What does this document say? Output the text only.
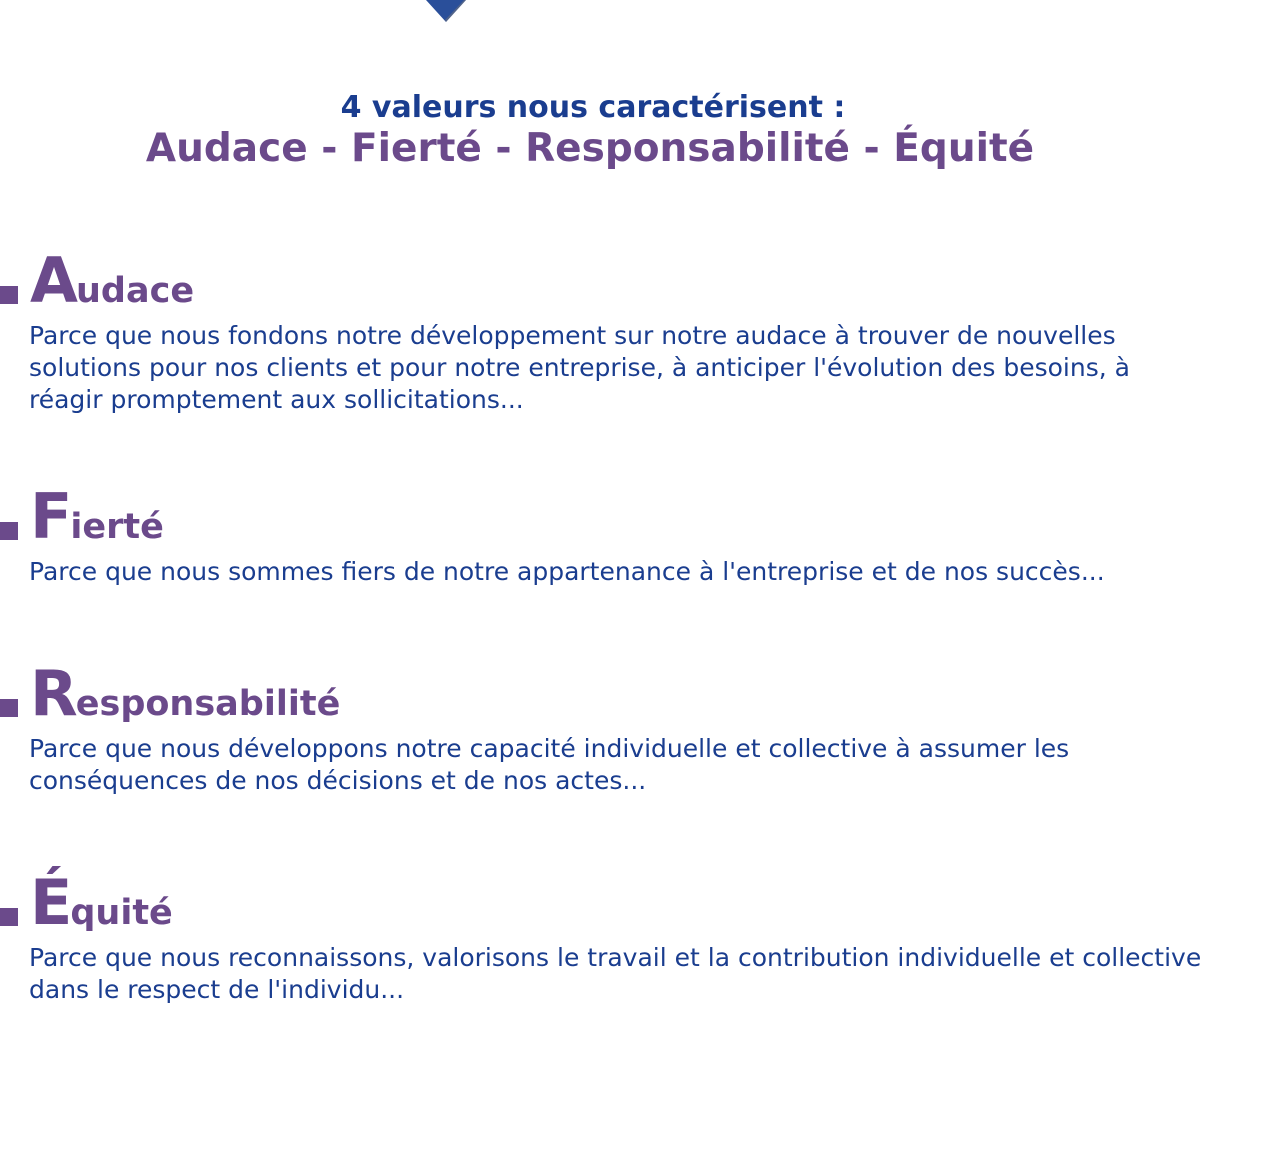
4 valeurs nous caractérisent :
Audace - Fierté - Responsabilité - Équité
Audace

Parce que nous fondons notre développement sur notre audace à trouver de nouvelles solutions pour nos clients et pour notre entreprise, à anticiper l'évolution des besoins, à réagir promptement aux sollicitations...

Fierté

Parce que nous sommes fiers de notre appartenance à l'entreprise et de nos succès...

Responsabilité

Parce que nous développons notre capacité individuelle et collective à assumer les conséquences de nos décisions et de nos actes...

Équité

Parce que nous reconnaissons, valorisons le travail et la contribution individuelle et collective dans le respect de l'individu...
